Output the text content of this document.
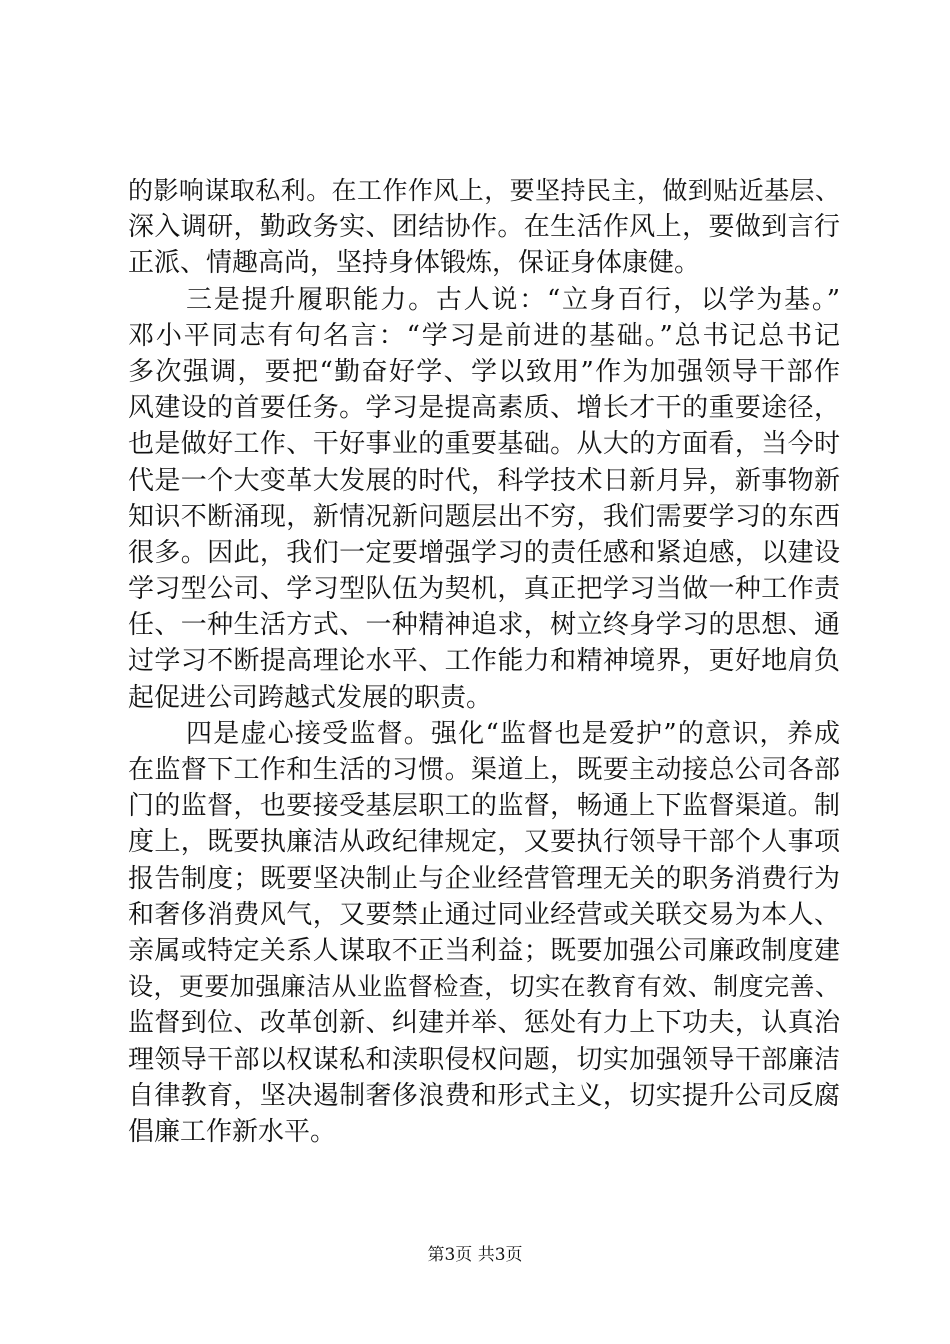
的影响谋取私利。在工作作风上，要坚持民主，做到贴近基层、
深入调研，勤政务实、团结协作。在生活作风上，要做到言行
正派、情趣高尚，坚持身体锻炼，保证身体康健。
三是提升履职能力。古人说：“立身百行，以学为基。”
邓小平同志有句名言：“学习是前进的基础。”总书记总书记
多次强调，要把“勤奋好学、学以致用”作为加强领导干部作
风建设的首要任务。学习是提高素质、增长才干的重要途径，
也是做好工作、干好事业的重要基础。从大的方面看，当今时
代是一个大变革大发展的时代，科学技术日新月异，新事物新
知识不断涌现，新情况新问题层出不穷，我们需要学习的东西
很多。因此，我们一定要增强学习的责任感和紧迫感，以建设
学习型公司、学习型队伍为契机，真正把学习当做一种工作责
任、一种生活方式、一种精神追求，树立终身学习的思想、通
过学习不断提高理论水平、工作能力和精神境界，更好地肩负
起促进公司跨越式发展的职责。
四是虚心接受监督。强化“监督也是爱护”的意识，养成
在监督下工作和生活的习惯。渠道上，既要主动接总公司各部
门的监督，也要接受基层职工的监督，畅通上下监督渠道。制
度上，既要执廉洁从政纪律规定，又要执行领导干部个人事项
报告制度；既要坚决制止与企业经营管理无关的职务消费行为
和奢侈消费风气，又要禁止通过同业经营或关联交易为本人、
亲属或特定关系人谋取不正当利益；既要加强公司廉政制度建
设，更要加强廉洁从业监督检查，切实在教育有效、制度完善、
监督到位、改革创新、纠建并举、惩处有力上下功夫，认真治
理领导干部以权谋私和渎职侵权问题，切实加强领导干部廉洁
自律教育，坚决遏制奢侈浪费和形式主义，切实提升公司反腐
倡廉工作新水平。
第3页 共3页
